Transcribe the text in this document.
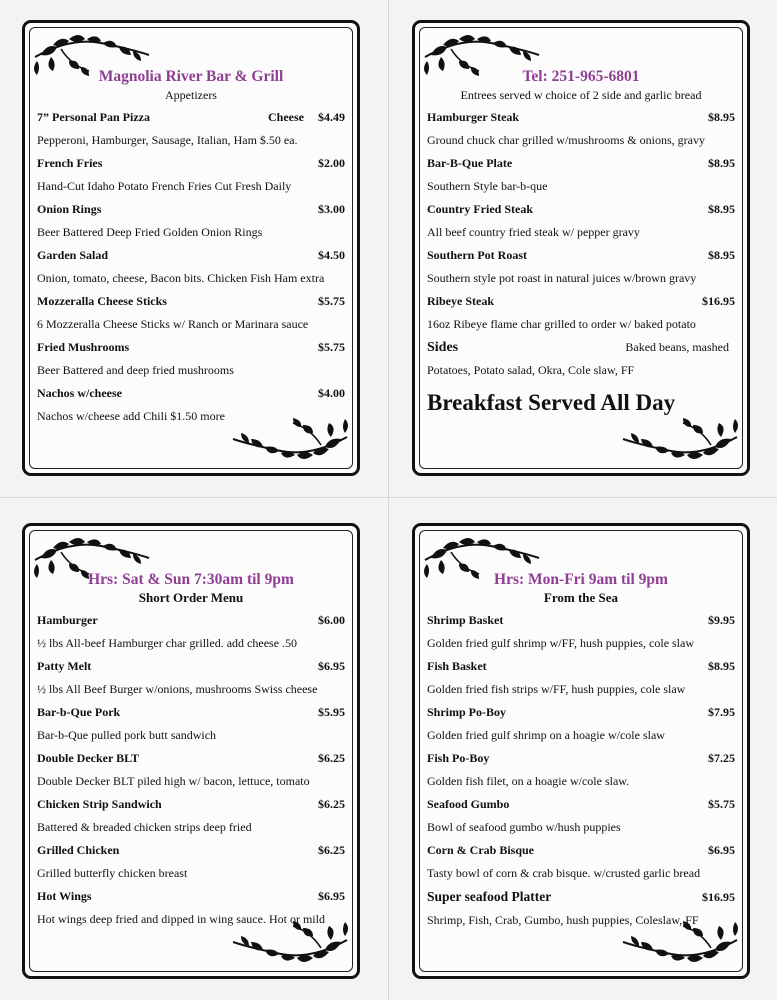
Magnolia River Bar & Grill
Appetizers
7” Personal Pan Pizza	Cheese $4.49
Pepperoni, Hamburger, Sausage, Italian, Ham $.50 ea.
French Fries	$2.00
Hand-Cut Idaho Potato French Fries Cut Fresh Daily
Onion Rings	$3.00
Beer Battered Deep Fried Golden Onion Rings
Garden Salad	$4.50
Onion, tomato, cheese, Bacon bits. Chicken Fish Ham extra
Mozzeralla Cheese Sticks	$5.75
6 Mozzeralla Cheese Sticks w/ Ranch or Marinara sauce
Fried Mushrooms	$5.75
Beer Battered and deep fried mushrooms
Nachos w/cheese	$4.00
Nachos w/cheese add Chili $1.50 more
Tel: 251-965-6801
Entrees served w choice of 2 side and garlic bread
Hamburger Steak	$8.95
Ground chuck char grilled w/mushrooms & onions, gravy
Bar-B-Que Plate	$8.95
Southern Style bar-b-que
Country Fried Steak	$8.95
All beef country fried steak w/ pepper gravy
Southern Pot Roast	$8.95
Southern style pot roast in natural juices w/brown gravy
Ribeye Steak	$16.95
16oz Ribeye flame char grilled to order w/ baked potato
Sides	Baked beans, mashed
Potatoes, Potato salad, Okra, Cole slaw, FF
Breakfast Served All Day
Hrs: Sat & Sun 7:30am til 9pm
Short Order Menu
Hamburger	$6.00
½ lbs All-beef Hamburger char grilled. add cheese .50
Patty Melt	$6.95
½ lbs All Beef Burger w/onions, mushrooms Swiss cheese
Bar-b-Que Pork	$5.95
Bar-b-Que pulled pork butt sandwich
Double Decker BLT	$6.25
Double Decker BLT piled high w/ bacon, lettuce, tomato
Chicken Strip Sandwich	$6.25
Battered & breaded chicken strips deep fried
Grilled Chicken	$6.25
Grilled butterfly chicken breast
Hot Wings	$6.95
Hot wings deep fried and dipped in wing sauce. Hot or mild
Hrs: Mon-Fri 9am til 9pm
From the Sea
Shrimp Basket	$9.95
Golden fried gulf shrimp w/FF, hush puppies, cole slaw
Fish Basket	$8.95
Golden fried fish strips w/FF, hush puppies, cole slaw
Shrimp Po-Boy	$7.95
Golden fried gulf shrimp on a hoagie w/cole slaw
Fish Po-Boy	$7.25
Golden fish filet, on a hoagie w/cole slaw.
Seafood Gumbo	$5.75
Bowl of seafood gumbo w/hush puppies
Corn & Crab Bisque	$6.95
Tasty bowl of corn & crab bisque. w/crusted garlic bread
Super seafood Platter	$16.95
Shrimp, Fish, Crab, Gumbo, hush puppies, Coleslaw, FF
